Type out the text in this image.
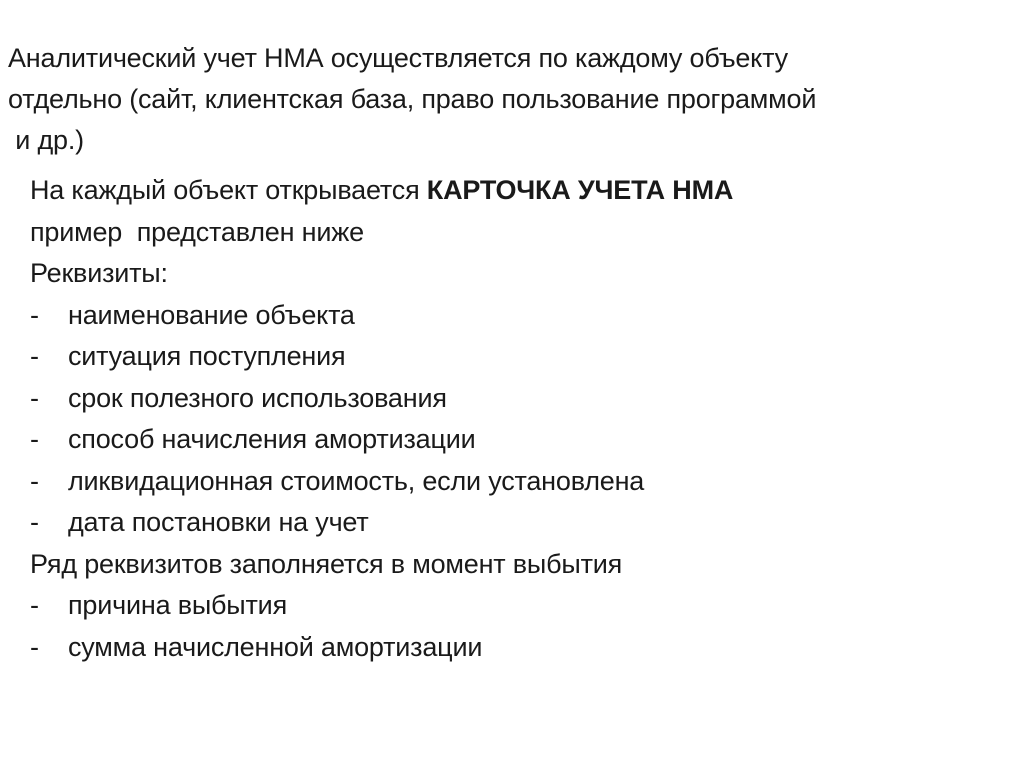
Аналитический учет НМА осуществляется по каждому объекту
отдельно (сайт, клиентская база, право пользование программой
и др.)
На каждый объект открывается КАРТОЧКА УЧЕТА НМА
пример  представлен ниже
Реквизиты:
-	наименование объекта
-	ситуация поступления
-	срок полезного использования
-	способ начисления амортизации
-	ликвидационная стоимость, если установлена
-	дата постановки на учет
Ряд реквизитов заполняется в момент выбытия
-	причина выбытия
-	сумма начисленной амортизации
